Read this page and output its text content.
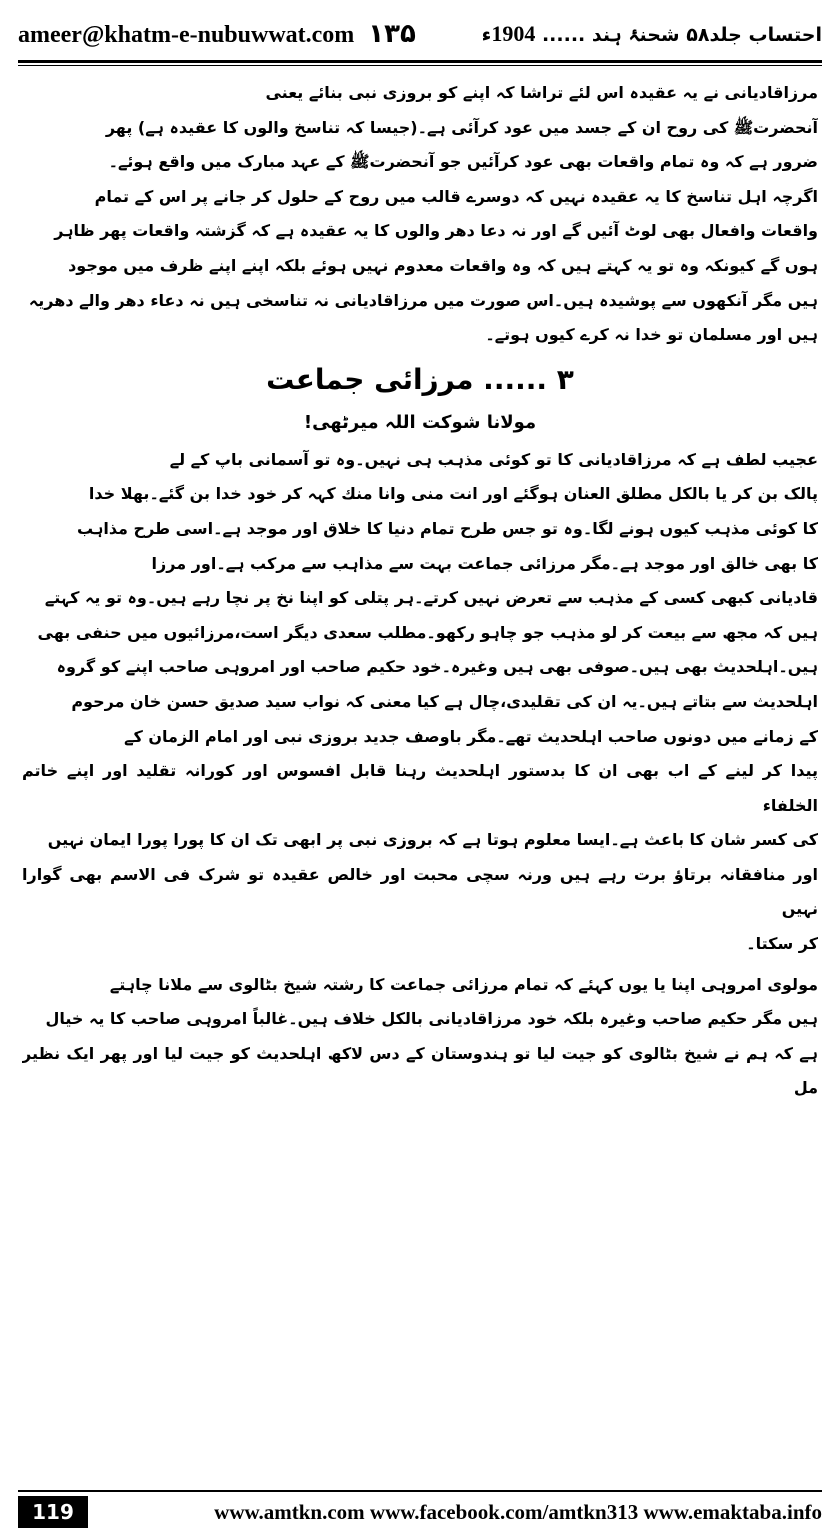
ameer@khatm-e-nubuwwat.com ۱۳۵	احتساب جلد۵۸ شحنۂ ہند ...... 1904ء

مرزاقادیانی نے یہ عقیدہ اس لئے تراشا کہ اپنے کو بروزی نبی بنائے یعنی

آنحضرتﷺ کی روح ان کے جسد میں عود کرآئی ہے۔(جیسا کہ تناسخ والوں کا عقیدہ ہے) پھر

ضرور ہے کہ وہ تمام واقعات بھی عود کرآئیں جو آنحضرتﷺ کے عہد مبارک میں واقع ہوئے۔

اگرچہ اہل تناسخ کا یہ عقیدہ نہیں کہ دوسرے قالب میں روح کے حلول کر جانے پر اس کے تمام

واقعات وافعال بھی لوٹ آئیں گے اور نہ دعا دھر والوں کا یہ عقیدہ ہے کہ گزشتہ واقعات پھر ظاہر

ہوں گے کیونکہ وہ تو یہ کہتے ہیں کہ وہ واقعات معدوم نہیں ہوئے بلکہ اپنے اپنے ظرف میں موجود

ہیں مگر آنکھوں سے پوشیدہ ہیں۔اس صورت میں مرزاقادیانی نہ تناسخی ہیں نہ دعاء دھر والے دھریہ

ہیں اور مسلمان تو خدا نہ کرے کیوں ہوتے۔

۳ ...... مرزائی جماعت
مولانا شوکت اللہ میرٹھی!

عجیب لطف ہے کہ مرزاقادیانی کا تو کوئی مذہب ہی نہیں۔وہ تو آسمانی باپ کے لے

پالک بن کر یا بالکل مطلق العنان ہوگئے اور انت منی وانا منك کہہ کر خود خدا بن گئے۔بھلا خدا

کا کوئی مذہب کیوں ہونے لگا۔وہ تو جس طرح تمام دنیا کا خلاق اور موجد ہے۔اسی طرح مذاہب

کا بھی خالق اور موجد ہے۔مگر مرزائی جماعت بہت سے مذاہب سے مرکب ہے۔اور مرزا

قادیانی کبھی کسی کے مذہب سے تعرض نہیں کرتے۔ہر پتلی کو اپنا نخ پر نچا رہے ہیں۔وہ تو یہ کہتے

ہیں کہ مجھ سے بیعت کر لو مذہب جو چاہو رکھو۔مطلب سعدی دیگر است،مرزائیوں میں حنفی بھی

ہیں۔اہلحدیث بھی ہیں۔صوفی بھی ہیں وغیرہ۔خود حکیم صاحب اور امروہی صاحب اپنے کو گروہ

اہلحدیث سے بتاتے ہیں۔یہ ان کی تقلیدی،چال ہے کیا معنی کہ نواب سید صدیق حسن خان مرحوم

کے زمانے میں دونوں صاحب اہلحدیث تھے۔مگر باوصف جدید بروزی نبی اور امام الزمان کے

پیدا کر لینے کے اب بھی ان کا بدستور اہلحدیث رہنا قابل افسوس اور کورانہ تقلید اور اپنے خاتم الخلفاء

کی کسر شان کا باعث ہے۔ایسا معلوم ہوتا ہے کہ بروزی نبی پر ابھی تک ان کا پورا پورا ایمان نہیں

اور منافقانہ برتاؤ برت رہے ہیں ورنہ سچی محبت اور خالص عقیدہ تو شرک فی الاسم بھی گوارا نہیں

کر سکتا۔

مولوی امروہی اپنا یا یوں کہئے کہ تمام مرزائی جماعت کا رشتہ شیخ بٹالوی سے ملانا چاہتے

ہیں مگر حکیم صاحب وغیرہ بلکہ خود مرزاقادیانی بالکل خلاف ہیں۔غالباً امروہی صاحب کا یہ خیال

ہے کہ ہم نے شیخ بٹالوی کو جیت لیا تو ہندوستان کے دس لاکھ اہلحدیث کو جیت لیا اور پھر ایک نظیر مل

119	www.amtkn.com www.facebook.com/amtkn313 www.emaktaba.info
